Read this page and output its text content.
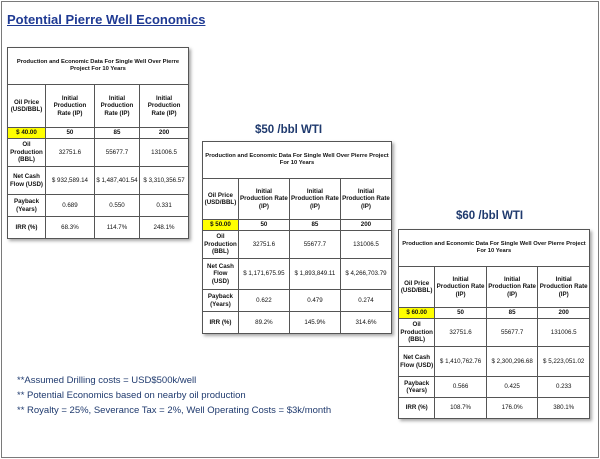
Potential Pierre Well Economics
Production and Economic Data For Single Well Over Pierre Project For 10 Years			
Oil Price (USD/BBL)	Initial Production Rate (IP)	Initial Production Rate (IP)	Initial Production Rate (IP)
$ 40.00	50	85	200
Oil Production (BBL)	32751.6	55677.7	131006.5
Net Cash Flow (USD)	$ 932,589.14	$ 1,487,401.54	$ 3,310,356.57
Payback (Years)	0.689	0.550	0.331
IRR (%)	68.3%	114.7%	248.1%
$50 /bbl WTI
Production and Economic Data For Single Well Over Pierre Project For 10 Years			
Oil Price (USD/BBL)	Initial Production Rate (IP)	Initial Production Rate (IP)	Initial Production Rate (IP)
$ 50.00	50	85	200
Oil Production (BBL)	32751.6	55677.7	131006.5
Net Cash Flow (USD)	$ 1,171,675.95	$ 1,893,849.11	$ 4,266,703.79
Payback (Years)	0.622	0.479	0.274
IRR (%)	89.2%	145.9%	314.6%
$60 /bbl WTI
Production and Economic Data For Single Well Over Pierre Project For 10 Years			
Oil Price (USD/BBL)	Initial Production Rate (IP)	Initial Production Rate (IP)	Initial Production Rate (IP)
$ 60.00	50	85	200
Oil Production (BBL)	32751.6	55677.7	131006.5
Net Cash Flow (USD)	$ 1,410,762.76	$ 2,300,296.68	$ 5,223,051.02
Payback (Years)	0.566	0.425	0.233
IRR (%)	108.7%	176.0%	380.1%
**Assumed Drilling costs = USD$500k/well
** Potential Economics based on nearby oil production
** Royalty = 25%, Severance Tax = 2%, Well Operating Costs = $3k/month
